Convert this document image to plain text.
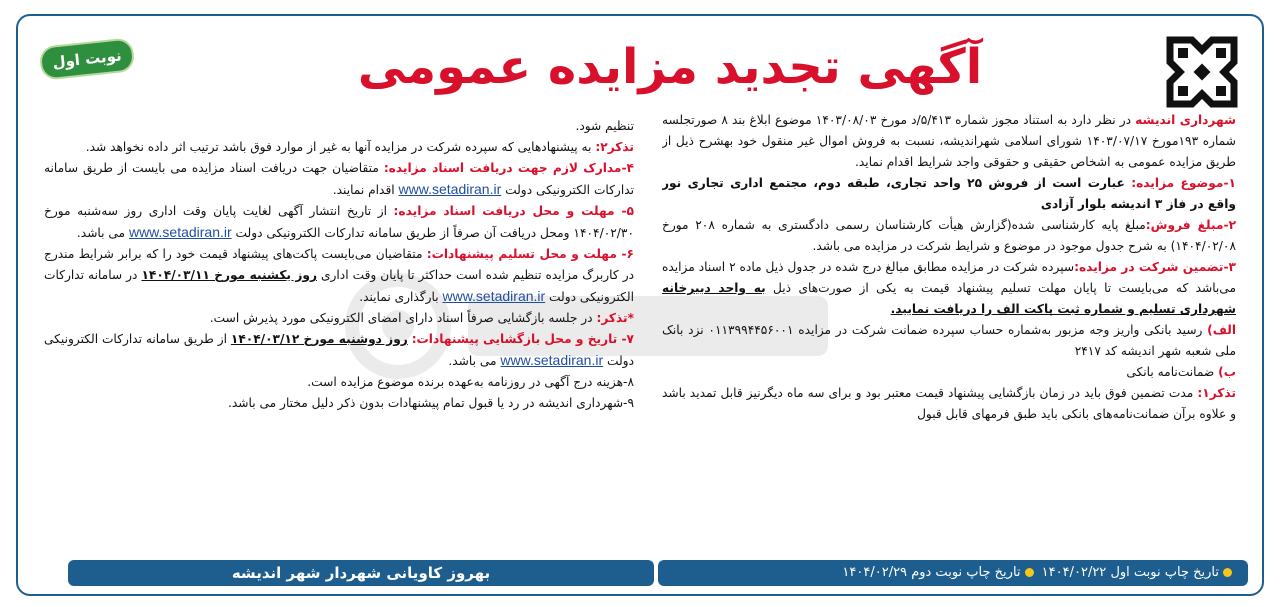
آگهی تجدید مزایده عمومی
نوبت اول

شهرداری اندیشه در نظر دارد به استناد مجوز شماره ۵/۴۱۳/د مورخ ۱۴۰۳/۰۸/۰۳ موضوع ابلاغ بند ۸ صورتجلسه شماره ۱۹۳مورخ ۱۴۰۳/۰۷/۱۷ شورای اسلامی شهراندیشه، نسبت به فروش اموال غیر منقول خود بهشرح ذیل از طریق مزایده عمومی به اشخاص حقیقی و حقوقی واجد شرایط اقدام نماید.

۱-موضوع مزایده: عبارت است از فروش ۲۵ واحد تجاری، طبقه دوم، مجتمع اداری تجاری نور واقع در فاز ۳ اندیشه بلوار آزادی

۲-مبلغ فروش:مبلغ پایه کارشناسی شده(گزارش هیأت کارشناسان رسمی دادگستری به شماره ۲۰۸ مورخ ۱۴۰۴/۰۲/۰۸) به شرح جدول موجود در موضوع و شرایط شرکت در مزایده می باشد.

۳-تضمین شرکت در مزایده:سپرده شرکت در مزایده مطابق مبالغ درج شده در جدول ذیل ماده ۲ اسناد مزایده می‌باشد که می‌بایست تا پایان مهلت تسلیم پیشنهاد قیمت به یکی از صورت‌های ذیل به واحد دبیرخانه شهرداری تسلیم و شماره ثبت پاکت الف را دریافت نمایید.

الف) رسید بانکی واریز وجه مزبور به‌شماره حساب سپرده ضمانت شرکت در مزایده ۰۱۱۳۹۹۴۴۵۶۰۰۱ نزد بانک ملی شعبه شهر اندیشه کد ۲۴۱۷

ب) ضمانت‌نامه بانکی

تذکر۱: مدت تضمین فوق باید در زمان بازگشایی پیشنهاد قیمت معتبر بود و برای سه ماه دیگرنیز قابل تمدید باشد و علاوه برآن ضمانت‌نامه‌های بانکی باید طبق فرمهای قابل قبول

تنظیم شود.

تذکر۲: به پیشنهادهایی که سپرده شرکت در مزایده آنها به غیر از موارد فوق باشد ترتیب اثر داده نخواهد شد.

۴-مدارک لازم جهت دریافت اسناد مزایده: متقاضیان جهت دریافت اسناد مزایده می بایست از طریق سامانه تدارکات الکترونیکی دولت www.setadiran.ir اقدام نمایند.

۵- مهلت و محل دریافت اسناد مزایده: از تاریخ انتشار آگهی لغایت پایان وقت اداری روز سه‌شنبه مورخ ۱۴۰۴/۰۲/۳۰ ومحل دریافت آن صرفاً از طریق سامانه تدارکات الکترونیکی دولت www.setadiran.ir می باشد.

۶- مهلت و محل تسلیم پیشنهادات: متقاضیان می‌بایست پاکت‌های پیشنهاد قیمت خود را که برابر شرایط مندرج در کاربرگ مزایده تنظیم شده است حداکثر تا پایان وقت اداری روز یکشنبه مورخ ۱۴۰۴/۰۳/۱۱ در سامانه تدارکات الکترونیکی دولت www.setadiran.ir بارگذاری نمایند.

*تذکر: در جلسه بازگشایی صرفاً اسناد دارای امضای الکترونیکی مورد پذیرش است.

۷- تاریخ و محل بازگشایی پیشنهادات: روز دوشنبه مورخ ۱۴۰۴/۰۳/۱۲ از طریق سامانه تدارکات الکترونیکی دولت www.setadiran.ir می باشد.

۸-هزینه درج آگهی در روزنامه به‌عهده برنده موضوع مزایده است.

۹-شهرداری اندیشه در رد یا قبول تمام پیشنهادات بدون ذکر دلیل مختار می باشد.

تاریخ چاپ نوبت اول ۱۴۰۴/۰۲/۲۲ تاریخ چاپ نوبت دوم ۱۴۰۴/۰۲/۲۹
بهروز کاویانی شهردار شهر اندیشه
